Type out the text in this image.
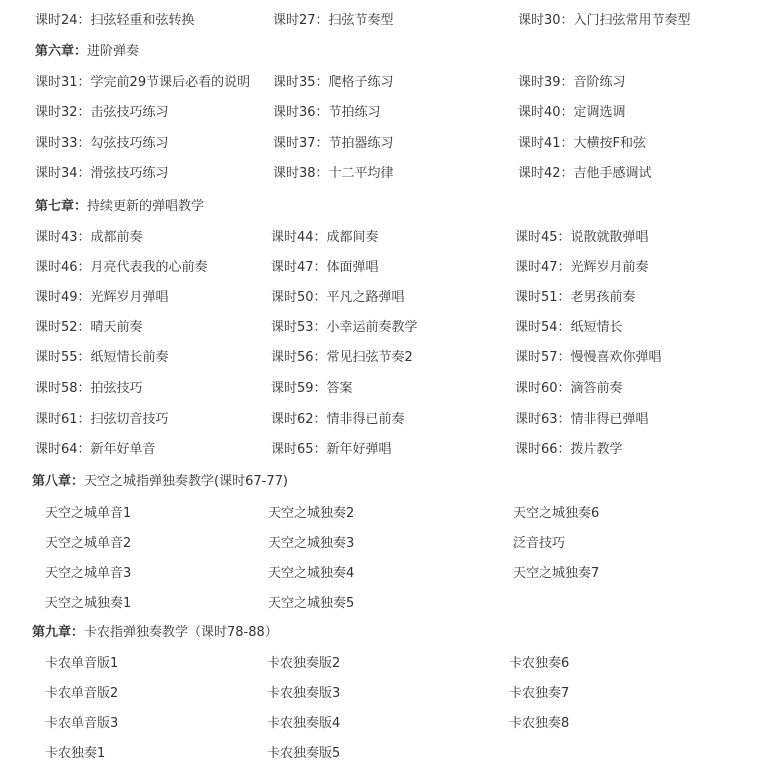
课时24：扫弦轻重和弦转换	课时27：扫弦节奏型	课时30：入门扫弦常用节奏型
第六章：进阶弹奏
课时31：学完前29节课后必看的说明 课时35：爬格子练习	课时39：音阶练习
课时32：击弦技巧练习	课时36：节拍练习	课时40：定调选调
课时33：勾弦技巧练习	课时37：节拍器练习	课时41：大横按F和弦
课时34：滑弦技巧练习	课时38：十二平均律	课时42：吉他手感调试
第七章：持续更新的弹唱教学
课时43：成都前奏	课时44：成都间奏	课时45：说散就散弹唱
课时46：月亮代表我的心前奏	课时47：体面弹唱	课时47：光辉岁月前奏
课时49：光辉岁月弹唱	课时50：平凡之路弹唱	课时51：老男孩前奏
课时52：晴天前奏	课时53：小幸运前奏教学	课时54：纸短情长
课时55：纸短情长前奏	课时56：常见扫弦节奏2	课时57：慢慢喜欢你弹唱
课时58：拍弦技巧	课时59：答案	课时60：滴答前奏
课时61：扫弦切音技巧	课时62：情非得已前奏	课时63：情非得已弹唱
课时64：新年好单音	课时65：新年好弹唱	课时66：拨片教学
第八章：天空之城指弹独奏教学(课时67-77)
天空之城单音1	天空之城独奏2	天空之城独奏6
天空之城单音2	天空之城独奏3	泛音技巧
天空之城单音3	天空之城独奏4	天空之城独奏7
天空之城独奏1	天空之城独奏5
第九章：卡农指弹独奏教学（课时78-88）
卡农单音版1	卡农独奏版2	卡农独奏6
卡农单音版2	卡农独奏版3	卡农独奏7
卡农单音版3	卡农独奏版4	卡农独奏8
卡农独奏1	卡农独奏版5
